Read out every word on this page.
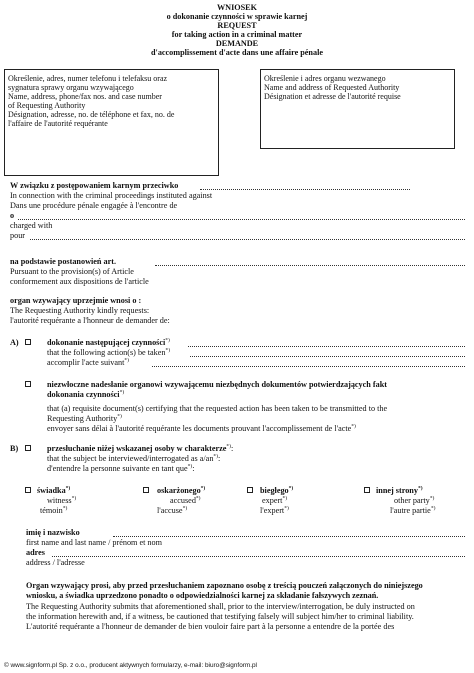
WNIOSEK
o dokonanie czynności w sprawie karnej
REQUEST
for taking action in a criminal matter
DEMANDE
d'accomplissement d'acte dans une affaire pénale
Określenie, adres, numer telefonu i telefaksu oraz
sygnatura sprawy organu wzywającego
Name, address, phone/fax nos. and case number
of Requesting Authority
Désignation, adresse, no. de téléphone et fax, no. de
l'affaire de l'autorité requérante
Określenie i adres organu wezwanego
Name and address of Requested Authority
Désignation et adresse de l'autorité requise
W związku z postępowaniem karnym przeciwko
In connection with the criminal proceedings instituted against
Dans une procédure pénale engagée à l'encontre de
o
charged with
pour
na podstawie postanowień art.
Pursuant to the provision(s) of Article
conformement aux dispositions de l'article
organ wzywający uprzejmie wnosi o :
The Requesting Authority kindly requests:
l'autorité requérante a l'honneur de demander de:
A)	dokonanie następującej czynności*)
that the following action(s) be taken*)
accomplir l'acte suivant*)
niezwłoczne nadesłanie organowi wzywającemu niezbędnych dokumentów potwierdzających fakt
dokonania czynności*)
that (a) requisite document(s) certifying that the requested action has been taken to be transmitted to the
Requesting Authority*)
envoyer sans délai à l'autorité requérante les documents prouvant l'accomplissement de l'acte*)
B)	przesłuchanie niżej wskazanej osoby w charakterze*):
that the subject be interviewed/interrogated as a/an*):
d'entendre la personne suivante en tant que*):
świadka*)
witness*)
témoin*)
oskarżonego*)
accused*)
l'accuse*)
biegłego*)
expert*)
l'expert*)
innej strony*)
other party*)
l'autre partie*)
imię i nazwisko
first name and last name / prénom et nom
adres
address / l'adresse
Organ wzywający prosi, aby przed przesłuchaniem zapoznano osobę z treścią pouczeń załączonych do niniejszego
wniosku, a świadka uprzedzono ponadto o odpowiedzialności karnej za składanie fałszywych zeznań.
The Requesting Authority submits that aforementioned shall, prior to the interview/interrogation, be duly instructed on
the information herewith and, if a witness, be cautioned that testifying falsely will subject him/her to criminal liability.
L'autorité requérante a l'honneur de demander de bien vouloir faire part à la personne a entendre de la portée des
© www.signform.pl Sp. z o.o., producent aktywnych formularzy, e-mail: biuro@signform.pl
